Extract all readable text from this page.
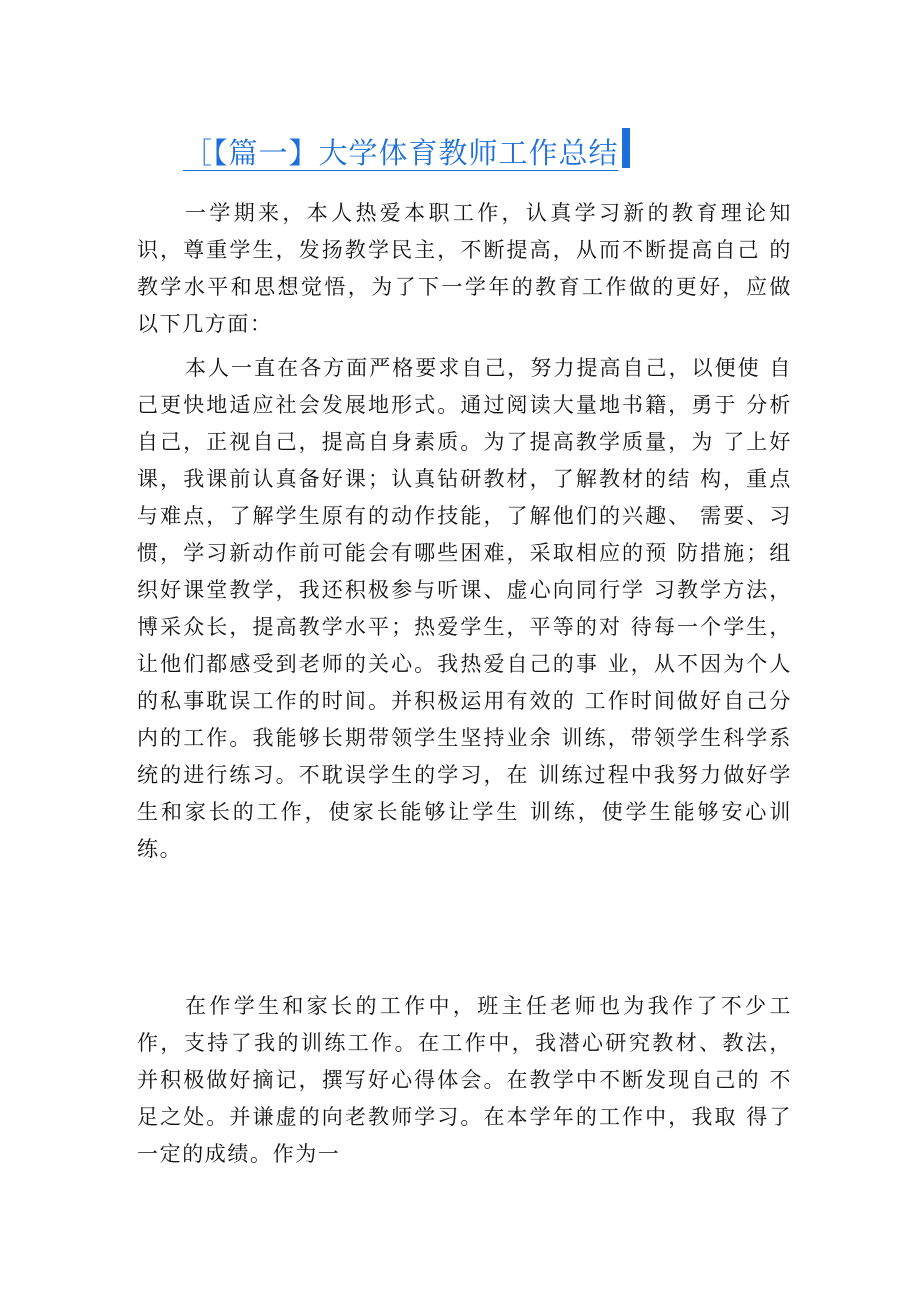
［【篇一】大学体育教师工作总结

一学期来，本人热爱本职工作，认真学习新的教育理论知 识，尊重学生，发扬教学民主，不断提高，从而不断提高自己 的教学水平和思想觉悟，为了下一学年的教育工作做的更好，应做以下几方面：

本人一直在各方面严格要求自己，努力提高自己，以便使 自己更快地适应社会发展地形式。通过阅读大量地书籍，勇于 分析自己，正视自己，提高自身素质。为了提高教学质量，为 了上好课，我课前认真备好课；认真钻研教材，了解教材的结 构，重点与难点，了解学生原有的动作技能，了解他们的兴趣、 需要、习惯，学习新动作前可能会有哪些困难，采取相应的预 防措施；组织好课堂教学，我还积极参与听课、虚心向同行学 习教学方法，博采众长，提高教学水平；热爱学生，平等的对 待每一个学生，让他们都感受到老师的关心。我热爱自己的事 业，从不因为个人的私事耽误工作的时间。并积极运用有效的 工作时间做好自己分内的工作。我能够长期带领学生坚持业余 训练，带领学生科学系统的进行练习。不耽误学生的学习，在 训练过程中我努力做好学生和家长的工作，使家长能够让学生 训练，使学生能够安心训练。

在作学生和家长的工作中，班主任老师也为我作了不少工 作，支持了我的训练工作。在工作中，我潜心研究教材、教法， 并积极做好摘记，撰写好心得体会。在教学中不断发现自己的 不足之处。并谦虚的向老教师学习。在本学年的工作中，我取 得了一定的成绩。作为一
